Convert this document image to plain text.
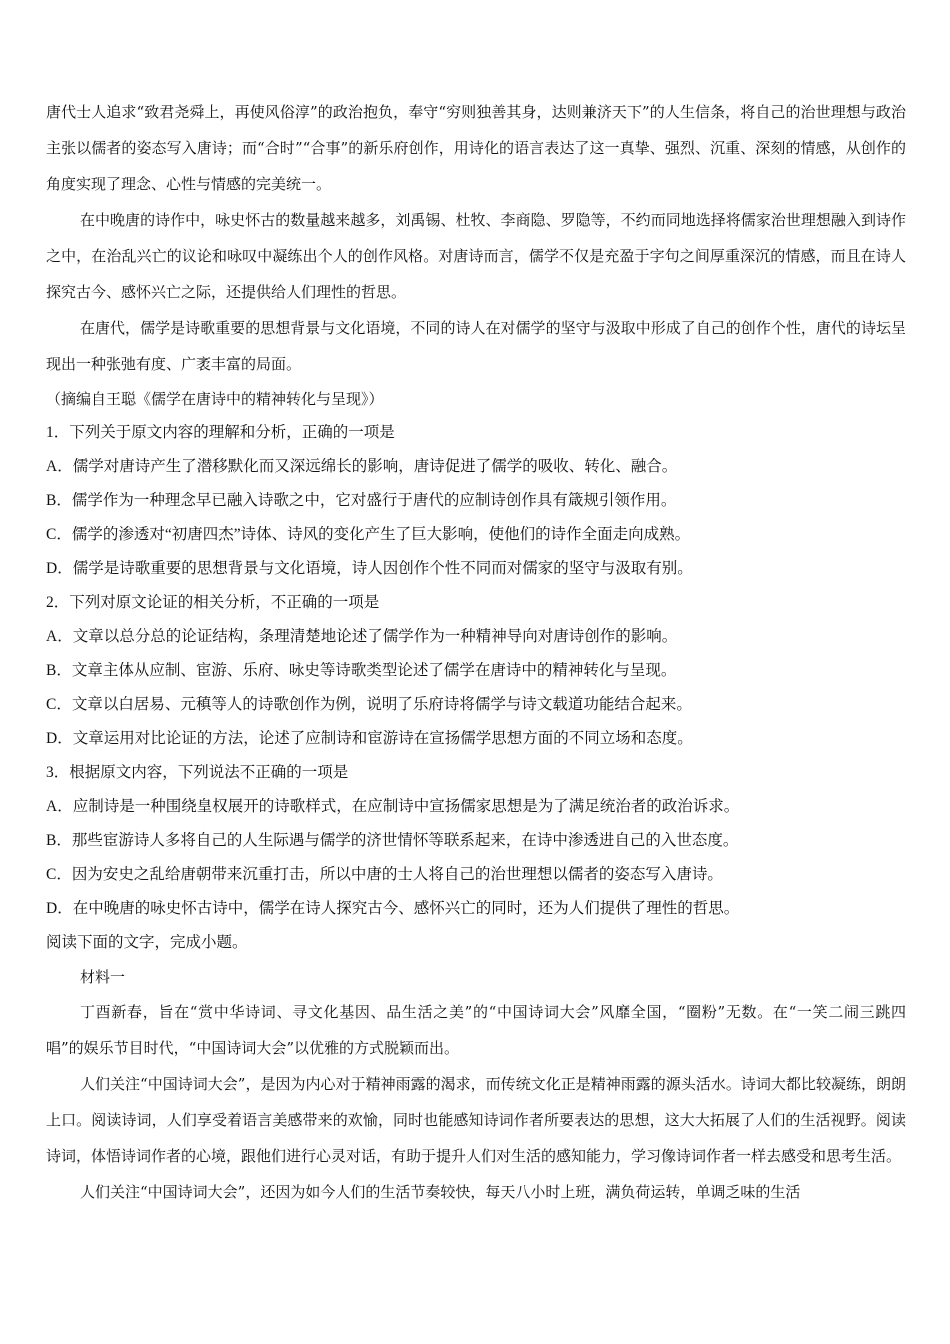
唐代士人追求“致君尧舜上，再使风俗淳”的政治抱负，奉守“穷则独善其身，达则兼济天下”的人生信条，将自己的治世理想与政治主张以儒者的姿态写入唐诗；而“合时”“合事”的新乐府创作，用诗化的语言表达了这一真挚、强烈、沉重、深刻的情感，从创作的角度实现了理念、心性与情感的完美统一。

在中晚唐的诗作中，咏史怀古的数量越来越多，刘禹锡、杜牧、李商隐、罗隐等，不约而同地选择将儒家治世理想融入到诗作之中，在治乱兴亡的议论和咏叹中凝练出个人的创作风格。对唐诗而言，儒学不仅是充盈于字句之间厚重深沉的情感，而且在诗人探究古今、感怀兴亡之际，还提供给人们理性的哲思。

在唐代，儒学是诗歌重要的思想背景与文化语境，不同的诗人在对儒学的坚守与汲取中形成了自己的创作个性，唐代的诗坛呈现出一种张弛有度、广袤丰富的局面。

（摘编自王聪《儒学在唐诗中的精神转化与呈现》）

1．下列关于原文内容的理解和分析，正确的一项是

A．儒学对唐诗产生了潜移默化而又深远绵长的影响，唐诗促进了儒学的吸收、转化、融合。

B．儒学作为一种理念早已融入诗歌之中，它对盛行于唐代的应制诗创作具有箴规引领作用。

C．儒学的渗透对“初唐四杰”诗体、诗风的变化产生了巨大影响，使他们的诗作全面走向成熟。

D．儒学是诗歌重要的思想背景与文化语境，诗人因创作个性不同而对儒家的坚守与汲取有别。

2．下列对原文论证的相关分析，不正确的一项是

A．文章以总分总的论证结构，条理清楚地论述了儒学作为一种精神导向对唐诗创作的影响。

B．文章主体从应制、宦游、乐府、咏史等诗歌类型论述了儒学在唐诗中的精神转化与呈现。

C．文章以白居易、元稹等人的诗歌创作为例，说明了乐府诗将儒学与诗文载道功能结合起来。

D．文章运用对比论证的方法，论述了应制诗和宦游诗在宣扬儒学思想方面的不同立场和态度。

3．根据原文内容，下列说法不正确的一项是

A．应制诗是一种围绕皇权展开的诗歌样式，在应制诗中宣扬儒家思想是为了满足统治者的政治诉求。

B．那些宦游诗人多将自己的人生际遇与儒学的济世情怀等联系起来，在诗中渗透进自己的入世态度。

C．因为安史之乱给唐朝带来沉重打击，所以中唐的士人将自己的治世理想以儒者的姿态写入唐诗。

D．在中晚唐的咏史怀古诗中，儒学在诗人探究古今、感怀兴亡的同时，还为人们提供了理性的哲思。

阅读下面的文字，完成小题。

材料一

丁酉新春，旨在“赏中华诗词、寻文化基因、品生活之美”的“中国诗词大会”风靡全国，“圈粉”无数。在“一笑二闹三跳四唱”的娱乐节目时代，“中国诗词大会”以优雅的方式脱颖而出。

人们关注“中国诗词大会”，是因为内心对于精神雨露的渴求，而传统文化正是精神雨露的源头活水。诗词大都比较凝练，朗朗上口。阅读诗词，人们享受着语言美感带来的欢愉，同时也能感知诗词作者所要表达的思想，这大大拓展了人们的生活视野。阅读诗词，体悟诗词作者的心境，跟他们进行心灵对话，有助于提升人们对生活的感知能力，学习像诗词作者一样去感受和思考生活。

人们关注“中国诗词大会”，还因为如今人们的生活节奏较快，每天八小时上班，满负荷运转，单调乏味的生活
